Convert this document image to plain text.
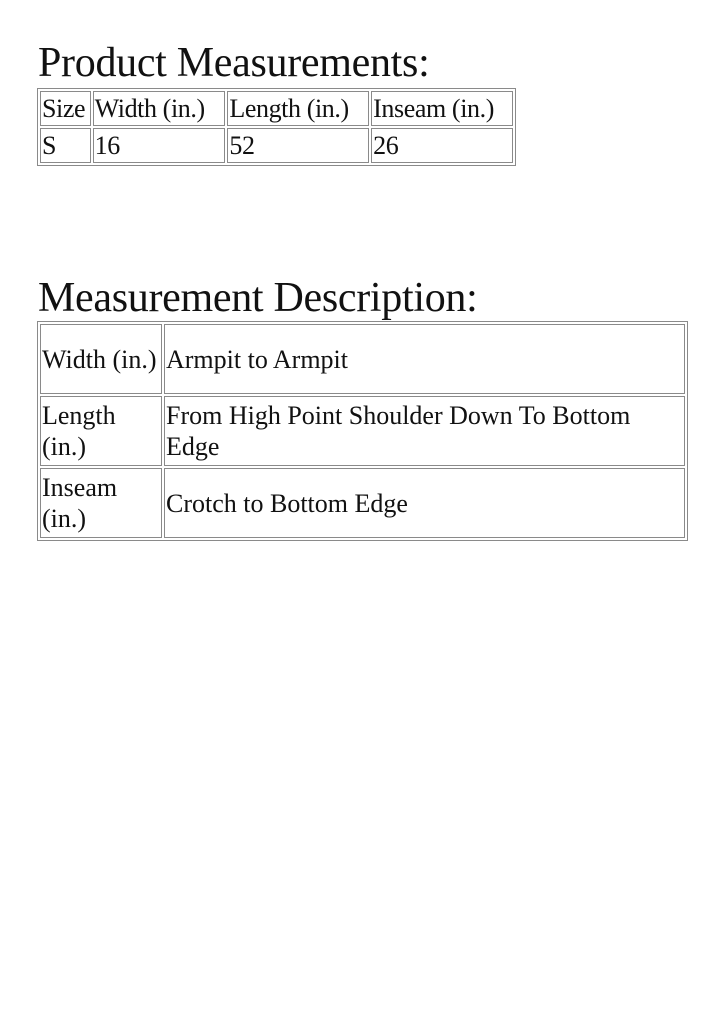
Product Measurements:
Size	Width (in.)	Length (in.)	Inseam (in.)
S	16	52	26
Measurement Description:
Width (in.)	Armpit to Armpit
Length (in.)	From High Point Shoulder Down To Bottom Edge
Inseam (in.)	Crotch to Bottom Edge
